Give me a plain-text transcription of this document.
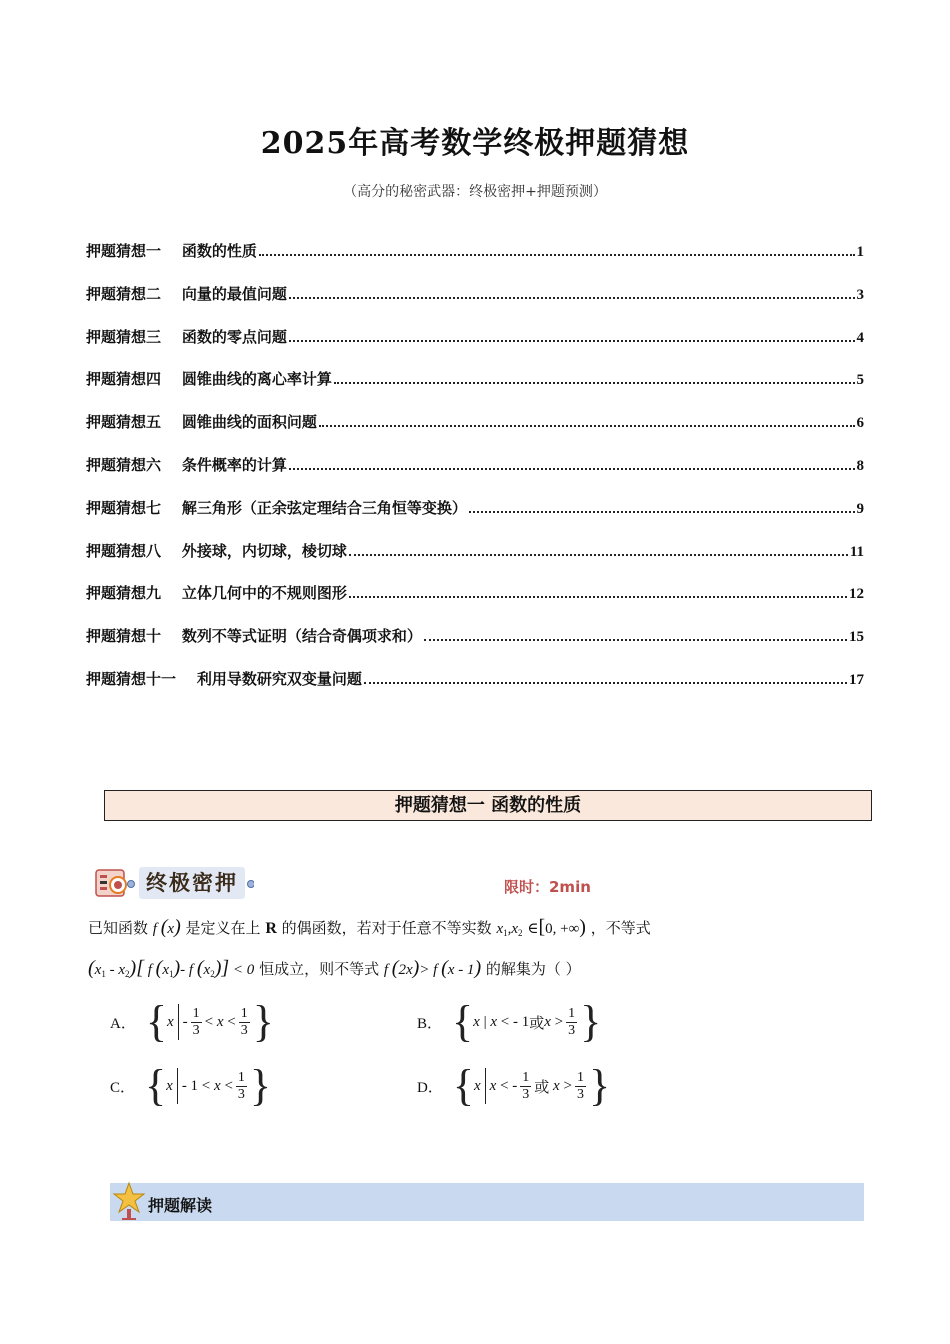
2025年高考数学终极押题猜想
（高分的秘密武器：终极密押+押题预测）
押题猜想一    函数的性质	1
押题猜想二    向量的最值问题	3
押题猜想三    函数的零点问题	4
押题猜想四    圆锥曲线的离心率计算	5
押题猜想五    圆锥曲线的面积问题	6
押题猜想六    条件概率的计算	8
押题猜想七    解三角形（正余弦定理结合三角恒等变换）	9
押题猜想八    外接球，内切球，棱切球	11
押题猜想九    立体几何中的不规则图形	12
押题猜想十    数列不等式证明（结合奇偶项求和）	15
押题猜想十一    利用导数研究双变量问题	17
押题猜想一 函数的性质
终极密押	限时：2min
已知函数 f (x) 是定义在上 R 的偶函数，若对于任意不等实数 $x_1,x_2$ ∈[0, +∞) ，不等式
$(x_1 - x_2)$[ f $(x_1)-$ f $(x_2)] < 0$ 恒成立，则不等式 f (2x)> f (x - 1) 的解集为（ ）
A． { $x - \frac{1}{3} < x < \frac{1}{3}$ }	B． { x | x < - 1 或 $x > \frac{1}{3}$ }
C． { $x - 1 < x < \frac{1}{3}$ }	D． { x x < - $\frac{1}{3}$ 或 $x > \frac{1}{3}$ }
押题解读
